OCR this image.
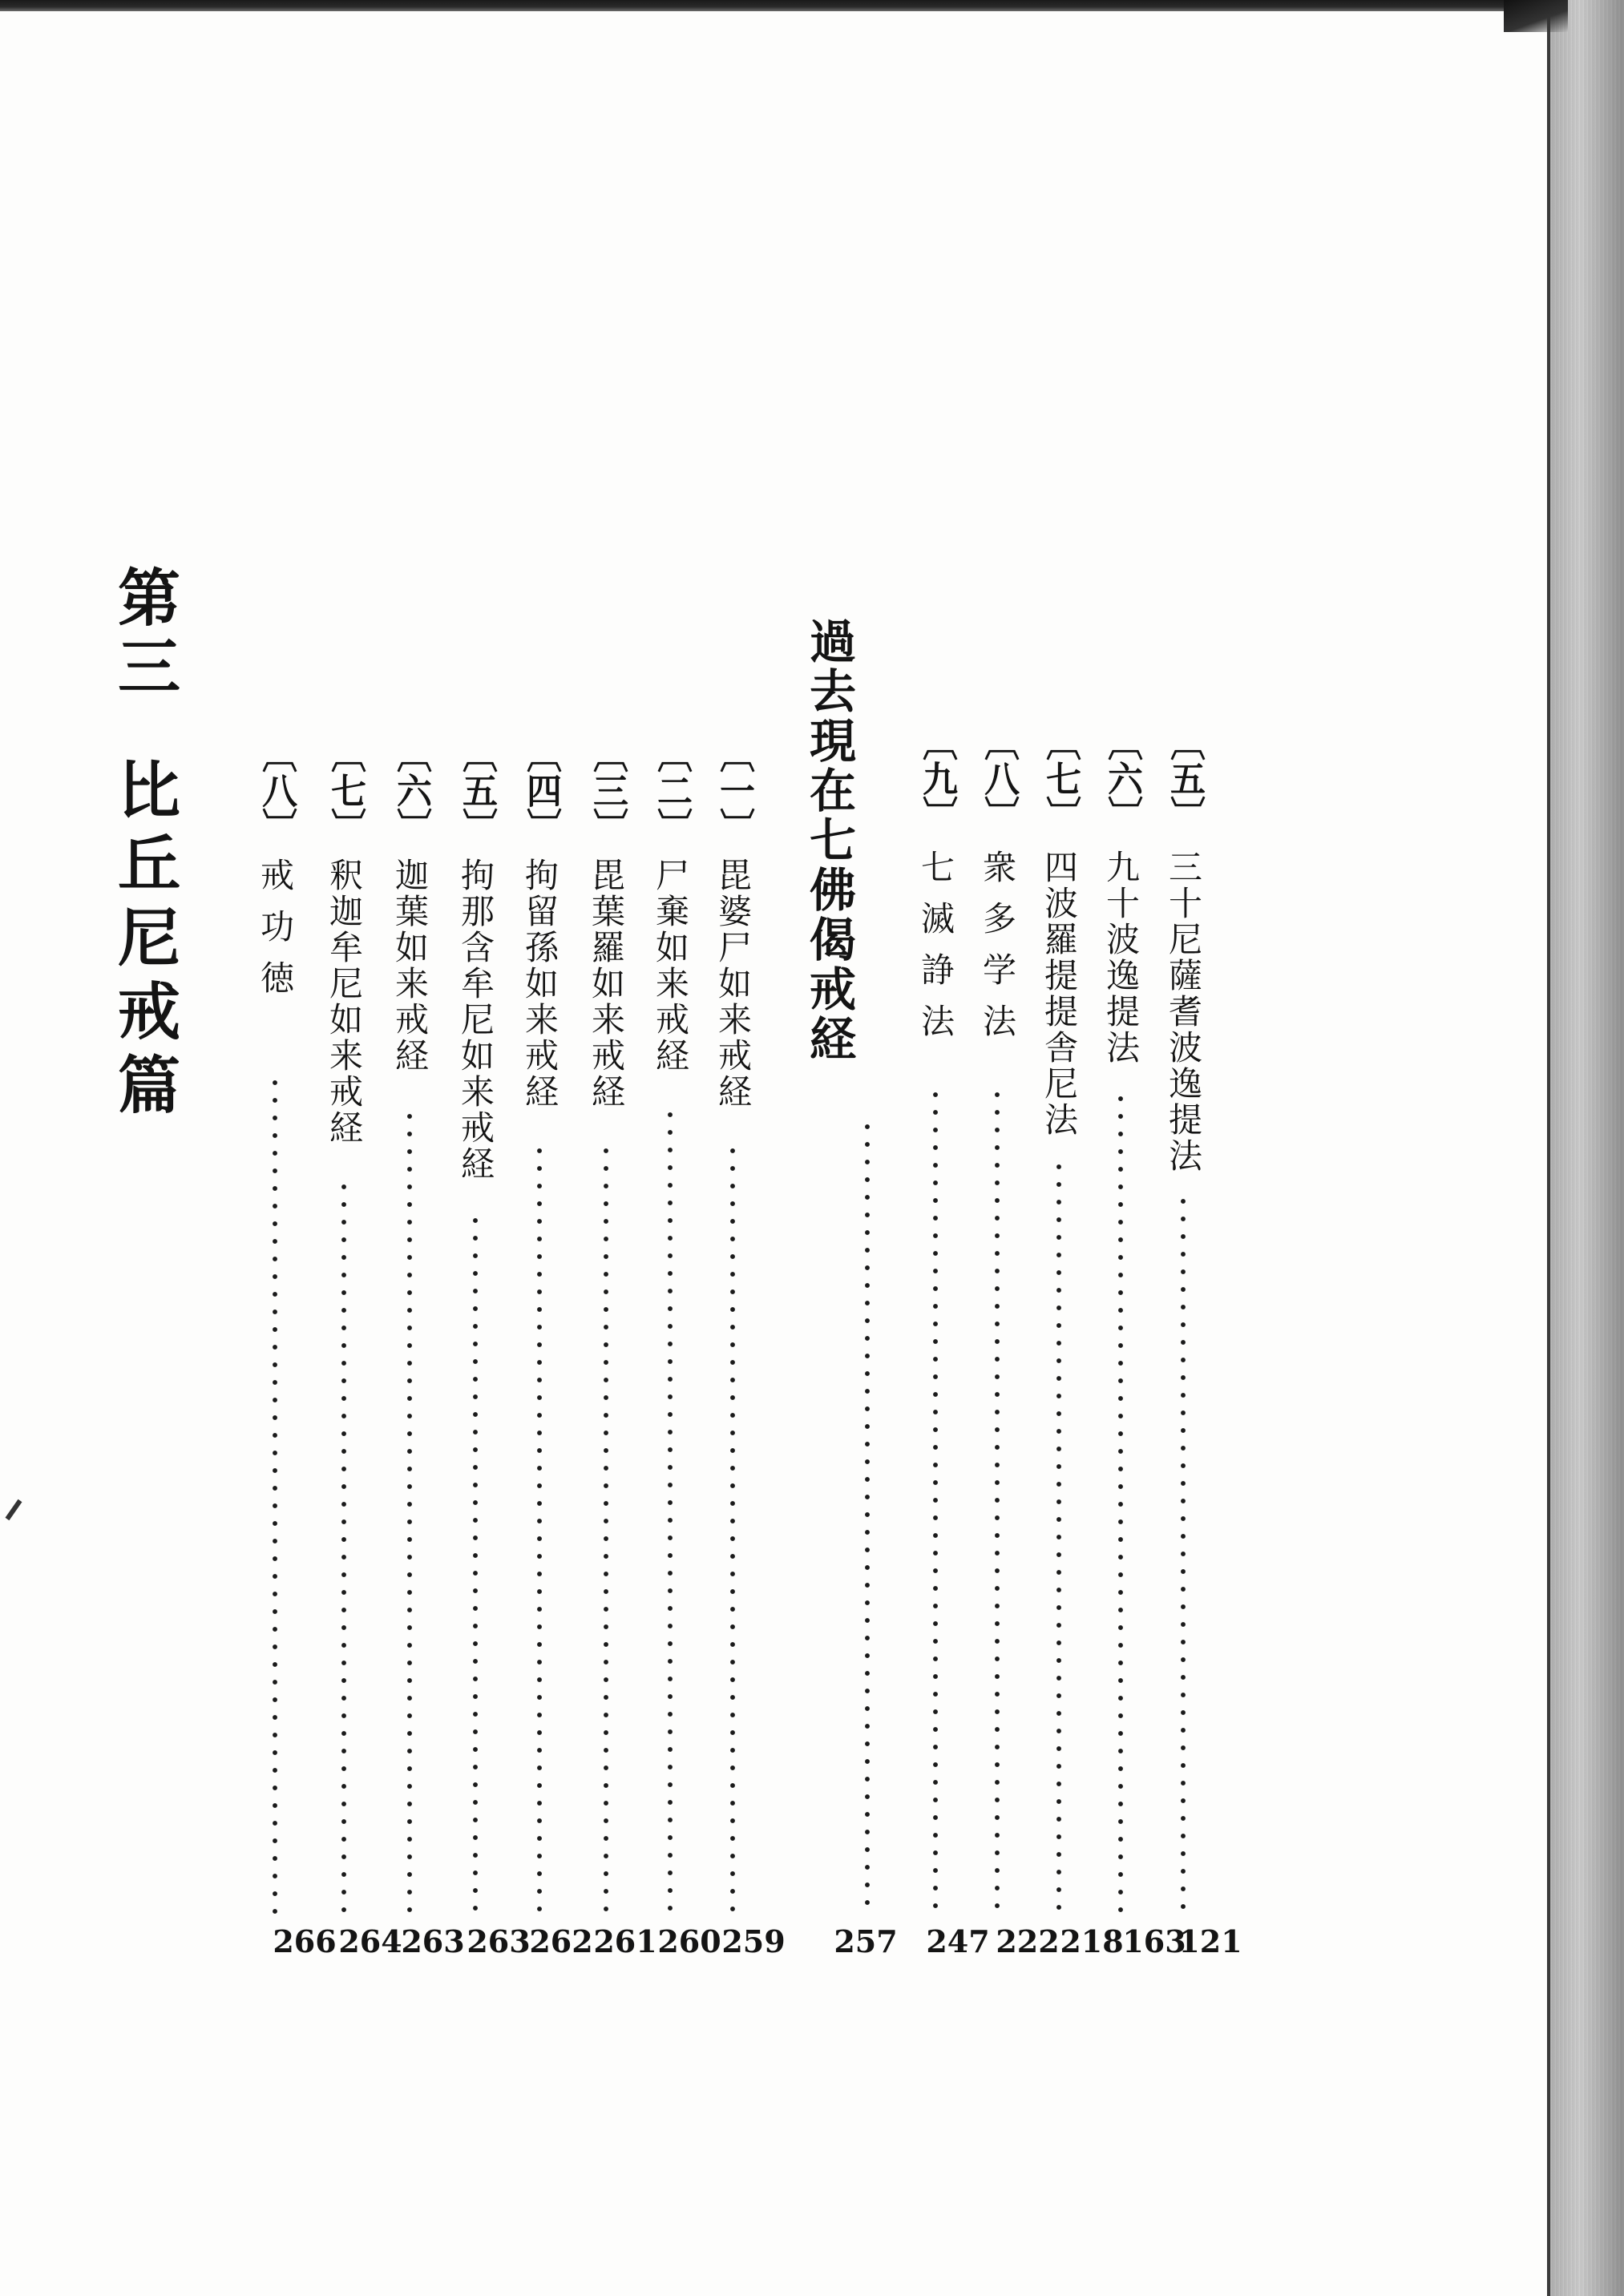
第三
比丘尼戒篇
〔	五 〕
三十尼薩耆波逸提法
121
〔 六 〕
九十波逸提法
163
〔 七 〕
四波羅提提舎尼法
218
〔 八 〕
衆多学法
222
〔 九 〕
七滅諍法
247
過去現在七佛偈戒経
257
〔 一 〕
毘婆尸如来戒経
259
〔 二 〕
尸棄如来戒経
260
〔 三 〕
毘葉羅如来戒経
261
〔 四 〕
拘留孫如来戒経
262
〔 五 〕
拘那含牟尼如来戒経
263
〔 六 〕
迦葉如来戒経
263
〔 七 〕
釈迦牟尼如来戒経
264
〔 八 〕
戒功徳
266
